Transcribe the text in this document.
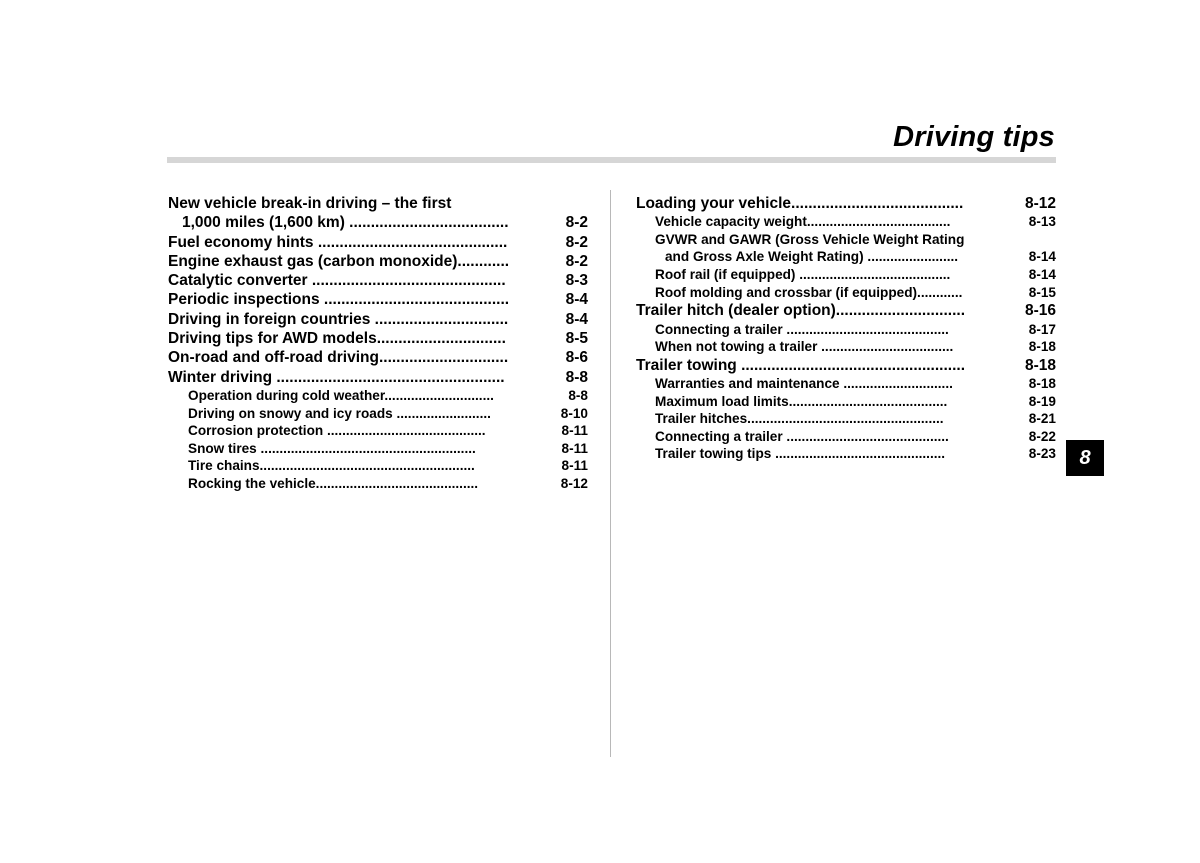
Driving tips
New vehicle break-in driving – the first
1,000 miles (1,600 km) .....................................	8-2
Fuel economy hints ............................................	8-2
Engine exhaust gas (carbon monoxide)............	8-2
Catalytic converter .............................................	8-3
Periodic inspections ...........................................	8-4
Driving in foreign countries ...............................	8-4
Driving tips for AWD models..............................	8-5
On-road and off-road driving..............................	8-6
Winter driving .....................................................	8-8
Operation during cold weather.............................	8-8
Driving on snowy and icy roads .........................	8-10
Corrosion protection ..........................................	8-11
Snow tires .........................................................	8-11
Tire chains.........................................................	8-11
Rocking the vehicle...........................................	8-12
Loading your vehicle........................................	8-12
Vehicle capacity weight......................................	8-13
GVWR and GAWR (Gross Vehicle Weight Rating
and Gross Axle Weight Rating) ........................	8-14
Roof rail (if equipped) ........................................	8-14
Roof molding and crossbar (if equipped)............	8-15
Trailer hitch (dealer option)..............................	8-16
Connecting a trailer ...........................................	8-17
When not towing a trailer ...................................	8-18
Trailer towing ....................................................	8-18
Warranties and maintenance .............................	8-18
Maximum load limits..........................................	8-19
Trailer hitches....................................................	8-21
Connecting a trailer ...........................................	8-22
Trailer towing tips .............................................	8-23	8
